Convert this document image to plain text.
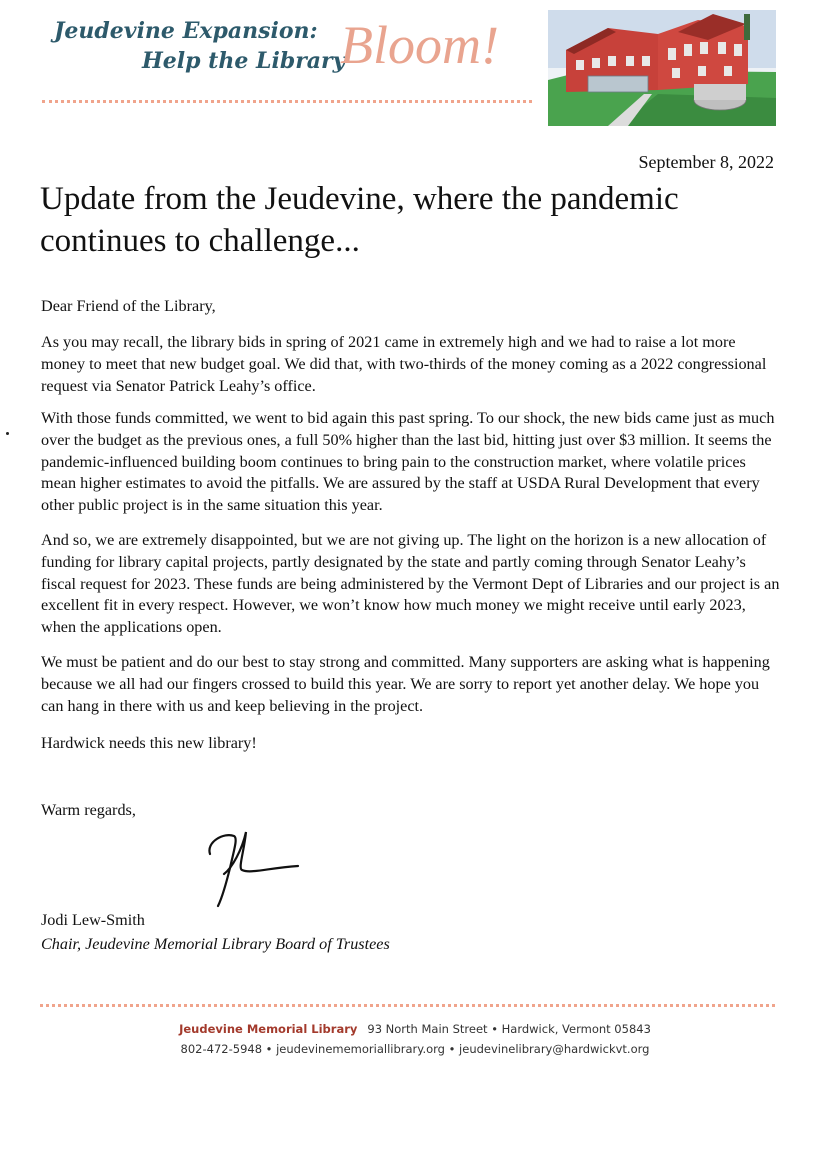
Jeudevine Expansion:
Help the Library
Bloom!
September 8, 2022
Update from the Jeudevine, where the pandemic continues to challenge...
Dear Friend of the Library,
As you may recall, the library bids in spring of 2021 came in extremely high and we had to raise a lot more money to meet that new budget goal. We did that, with two-thirds of the money coming as a 2022 congressional request via Senator Patrick Leahy’s office.
With those funds committed, we went to bid again this past spring. To our shock, the new bids came just as much over the budget as the previous ones, a full 50% higher than the last bid, hitting just over $3 million. It seems the pandemic-influenced building boom continues to bring pain to the construction market, where volatile prices mean higher estimates to avoid the pitfalls. We are assured by the staff at USDA Rural Development that every other public project is in the same situation this year.
And so, we are extremely disappointed, but we are not giving up. The light on the horizon is a new allocation of funding for library capital projects, partly designated by the state and partly coming through Senator Leahy’s fiscal request for 2023. These funds are being administered by the Vermont Dept of Libraries and our project is an excellent fit in every respect. However, we won’t know how much money we might receive until early 2023, when the applications open.
We must be patient and do our best to stay strong and committed. Many supporters are asking what is happening because we all had our fingers crossed to build this year. We are sorry to report yet another delay. We hope you can hang in there with us and keep believing in the project.
Hardwick needs this new library!
Warm regards,
Jodi Lew-Smith
Chair, Jeudevine Memorial Library Board of Trustees
Jeudevine Memorial Library 93 North Main Street • Hardwick, Vermont 05843
802-472-5948 • jeudevinememoriallibrary.org • jeudevinelibrary@hardwickvt.org
